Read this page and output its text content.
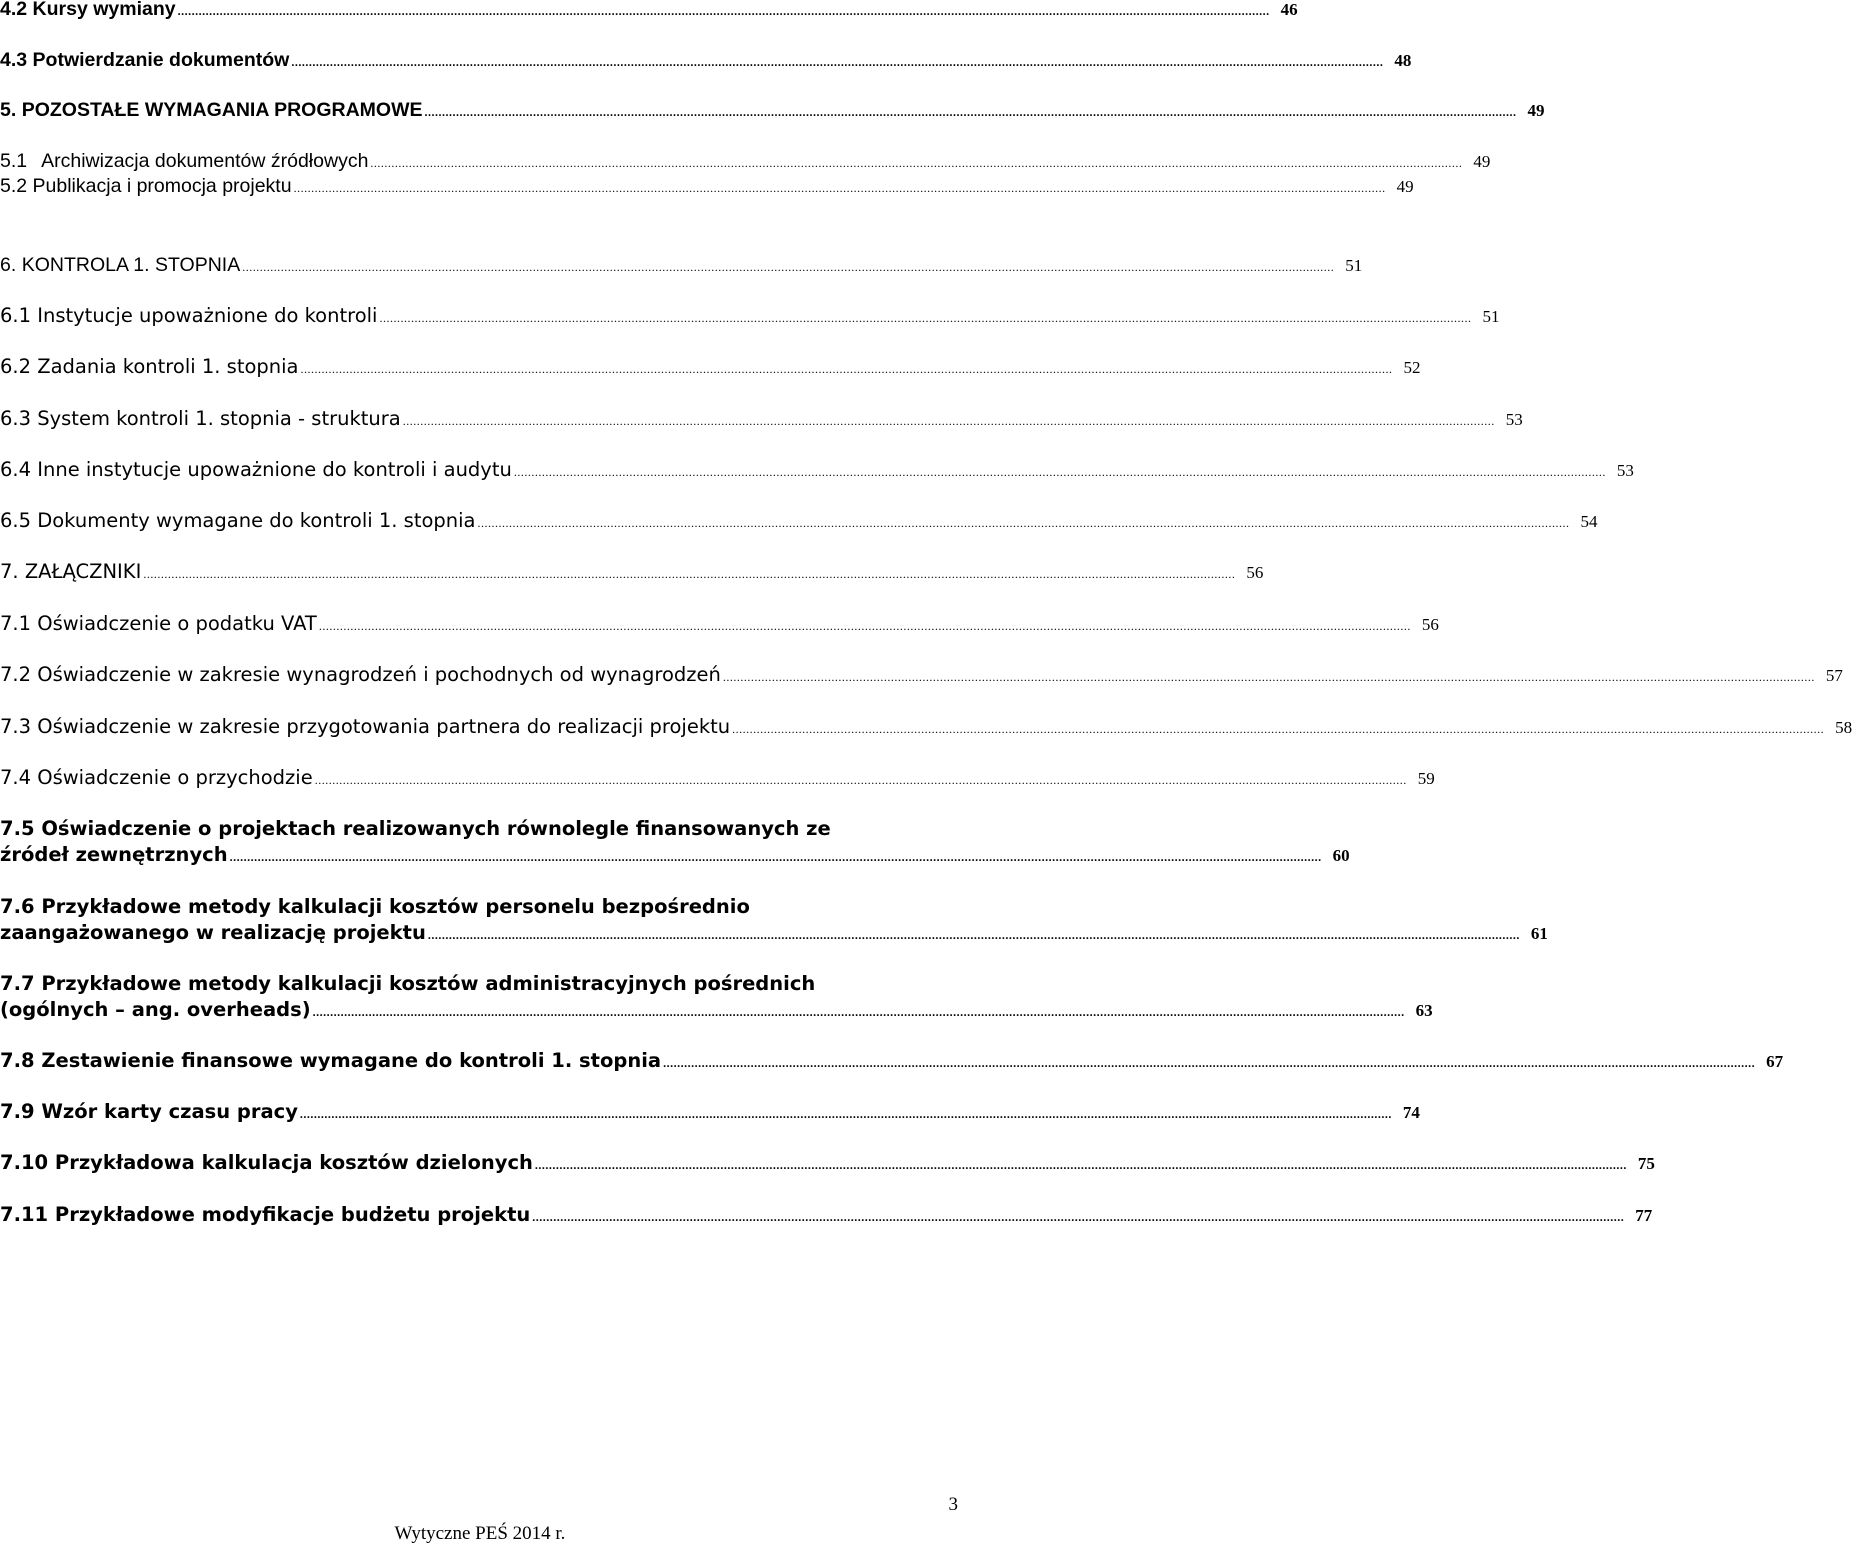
4.2 Kursy wymiany .....	46
4.3 Potwierdzanie dokumentów .....	48
5. POZOSTAŁE WYMAGANIA PROGRAMOWE .....	49
5.1 Archiwizacja dokumentów źródłowych .....	49
5.2 Publikacja i promocja projektu .....	49
6. KONTROLA 1. STOPNIA .....	51
6.1 Instytucje upoważnione do kontroli .....	51
6.2 Zadania kontroli 1. stopnia .....	52
6.3 System kontroli 1. stopnia - struktura .....	53
6.4 Inne instytucje upoważnione do kontroli i audytu .....	53
6.5 Dokumenty wymagane do kontroli 1. stopnia .....	54
7. ZAŁĄCZNIKI .....	56
7.1 Oświadczenie o podatku VAT .....	56
7.2 Oświadczenie w zakresie wynagrodzeń i pochodnych od wynagrodzeń .....	57
7.3 Oświadczenie w zakresie przygotowania partnera do realizacji projektu .....	58
7.4 Oświadczenie o przychodzie .....	59
7.5 Oświadczenie o projektach realizowanych równolegle finansowanych ze
źródeł zewnętrznych .....	60
7.6 Przykładowe metody kalkulacji kosztów personelu bezpośrednio
zaangażowanego w realizację projektu .....	61
7.7 Przykładowe metody kalkulacji kosztów administracyjnych pośrednich
(ogólnych – ang. overheads) .....	63
7.8 Zestawienie finansowe wymagane do kontroli 1. stopnia .....	67
7.9 Wzór karty czasu pracy .....	74
7.10 Przykładowa kalkulacja kosztów dzielonych .....	75
7.11 Przykładowe modyfikacje budżetu projektu .....	77
3
Wytyczne PEŚ 2014 r.
